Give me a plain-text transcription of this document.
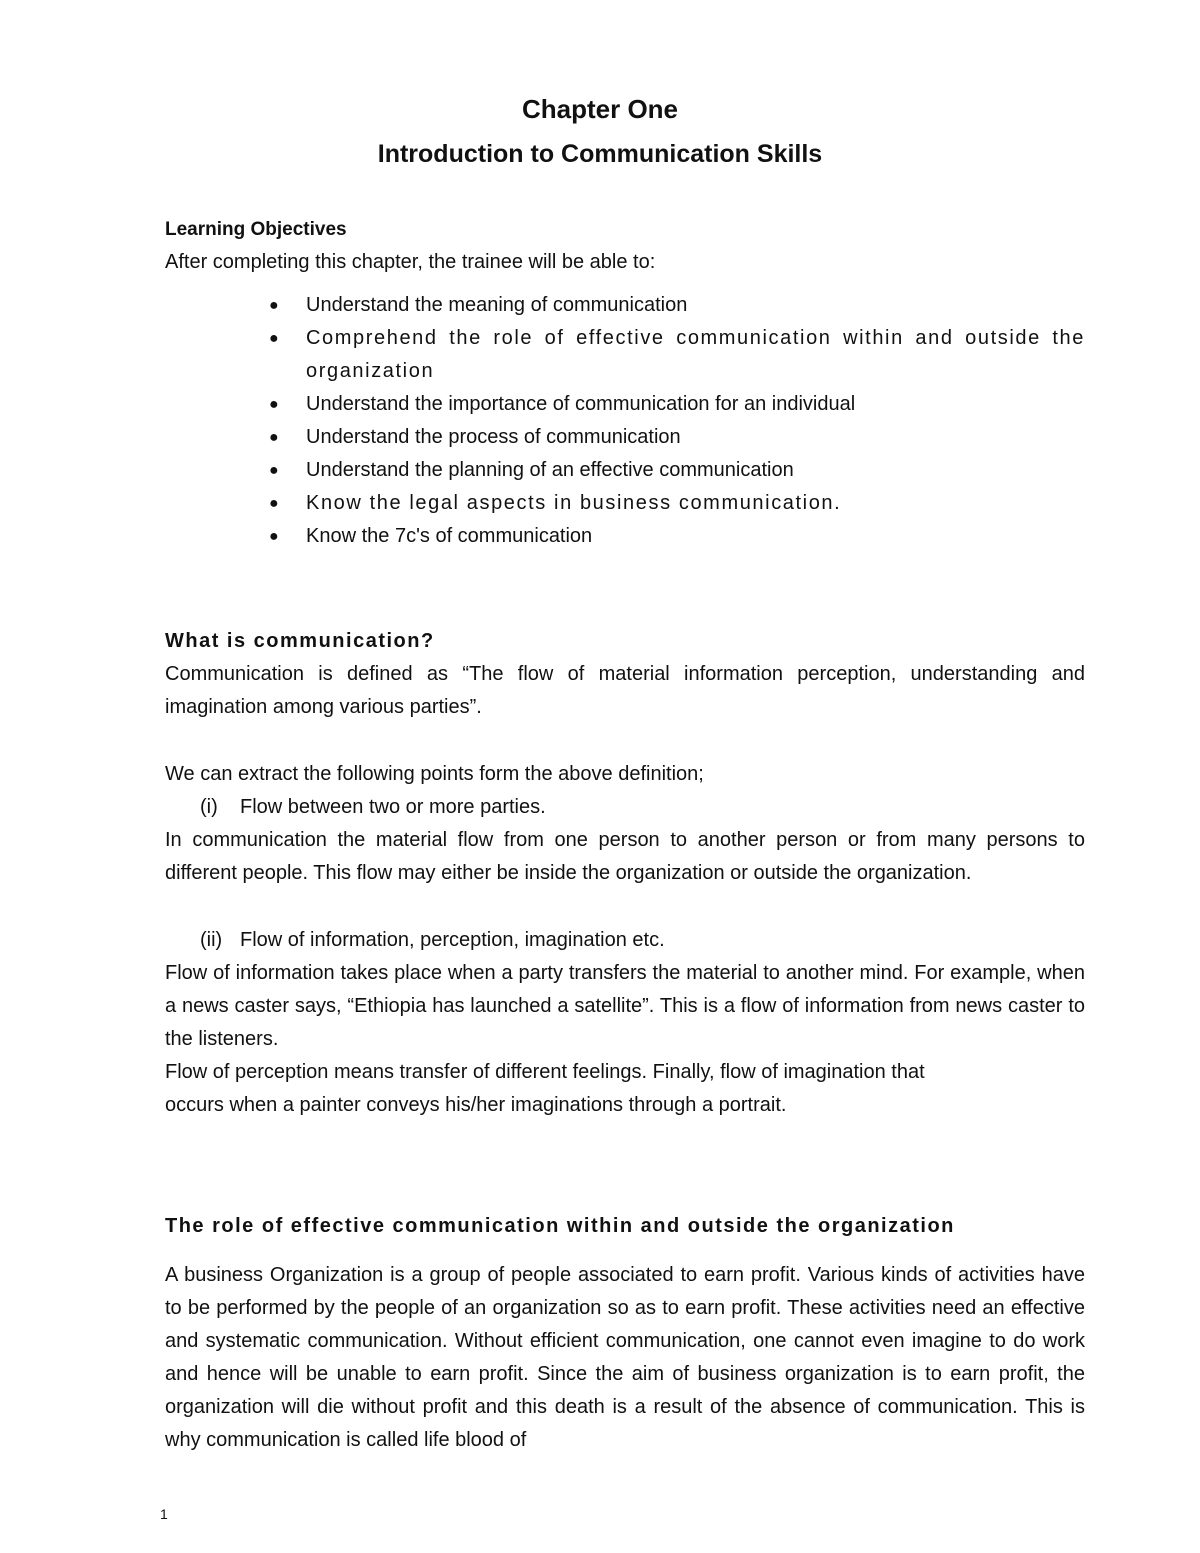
Chapter One
Introduction to Communication Skills
Learning Objectives
After completing this chapter, the trainee will be able to:
● Understand the meaning of communication
● Comprehend the role of effective communication within and outside the organization
● Understand the importance of communication for an individual
● Understand the process of communication
● Understand the planning of an effective communication
● Know the legal aspects in business communication.
● Know the 7c's of communication
What is communication?

Communication is defined as “The flow of material information perception, understanding and imagination among various parties”.

We can extract the following points form the above definition;

(i) Flow between two or more parties.

In communication the material flow from one person to another person or from many persons to different people. This flow may either be inside the organization or outside the organization.

(ii) Flow of information, perception, imagination etc.

Flow of information takes place when a party transfers the material to another mind. For example, when a news caster says, “Ethiopia has launched a satellite”. This is a flow of information from news caster to the listeners.

Flow of perception means transfer of different feelings. Finally, flow of imagination that
occurs when a painter conveys his/her imaginations through a portrait.
The role of effective communication within and outside the organization

A business Organization is a group of people associated to earn profit. Various kinds of activities have to be performed by the people of an organization so as to earn profit. These activities need an effective and systematic communication. Without efficient communication, one cannot even imagine to do work and hence will be unable to earn profit. Since the aim of business organization is to earn profit, the organization will die without profit and this death is a result of the absence of communication. This is why communication is called life blood of

1
